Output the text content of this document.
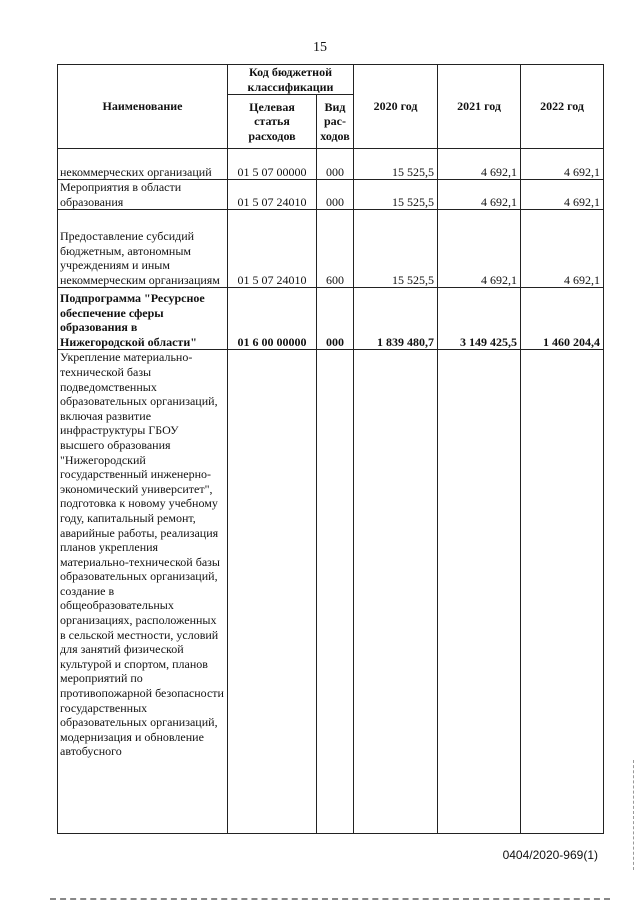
15
Наименование	Код бюджетной классификации		2020 год	2021 год	2022 год
	Целевая статья расходов	Вид рас-ходов			
некоммерческих организаций	01 5 07 00000	000	15 525,5	4 692,1	4 692,1
Мероприятия в области образования	01 5 07 24010	000	15 525,5	4 692,1	4 692,1
Предоставление субсидий бюджетным, автономным учреждениям и иным некоммерческим организациям	01 5 07 24010	600	15 525,5	4 692,1	4 692,1
Подпрограмма "Ресурсное обеспечение сферы образования в Нижегородской области"	01 6 00 00000	000	1 839 480,7	3 149 425,5	1 460 204,4
Укрепление материально-технической базы подведомственных образовательных организаций, включая развитие инфраструктуры ГБОУ высшего образования "Нижегородский государственный инженерно-экономический университет", подготовка к новому учебному году, капитальный ремонт, аварийные работы, реализация планов укрепления материально-технической базы образовательных организаций, создание в общеобразовательных организациях, расположенных в сельской местности, условий для занятий физической культурой и спортом, планов мероприятий по противопожарной безопасности государственных образовательных организаций, модернизация и обновление автобусного					
0404/2020-969(1)
